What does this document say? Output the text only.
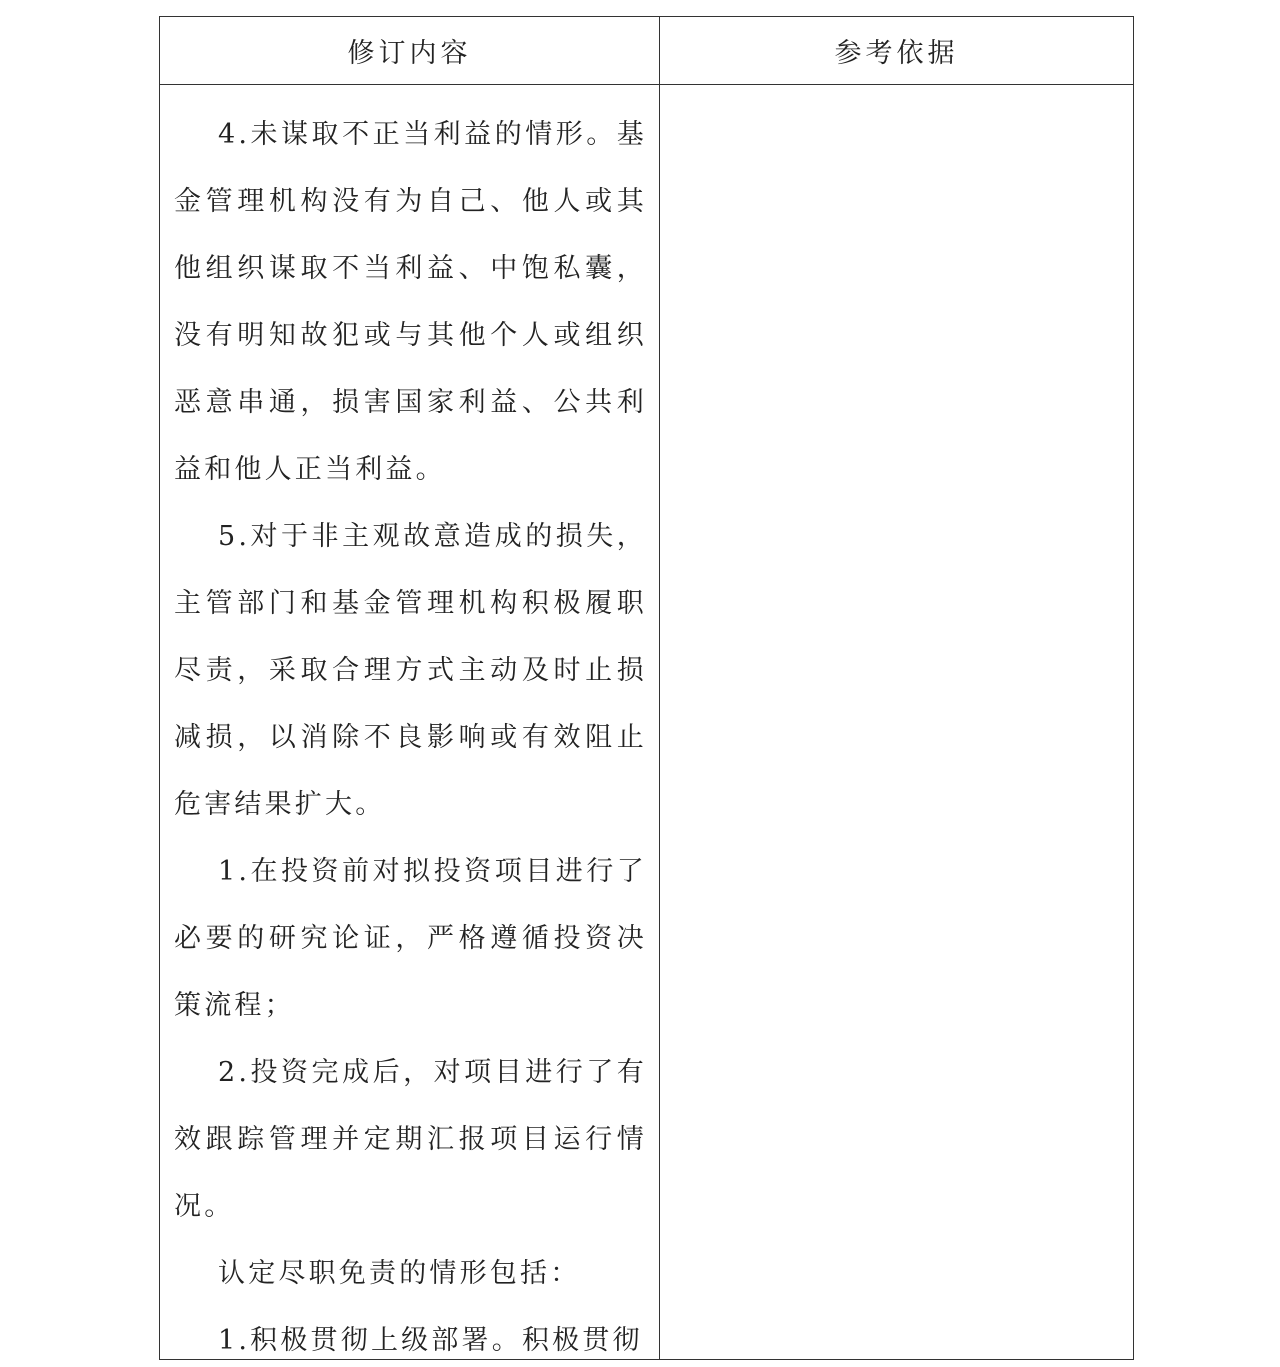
修订内容	参考依据

4.未谋取不正当利益的情形。基金管理机构没有为自己、他人或其他组织谋取不当利益、中饱私囊，没有明知故犯或与其他个人或组织恶意串通，损害国家利益、公共利益和他人正当利益。

5.对于非主观故意造成的损失，主管部门和基金管理机构积极履职尽责，采取合理方式主动及时止损减损，以消除不良影响或有效阻止危害结果扩大。

1.在投资前对拟投资项目进行了必要的研究论证，严格遵循投资决策流程；

2.投资完成后，对项目进行了有效跟踪管理并定期汇报项目运行情况。

认定尽职免责的情形包括：

1.积极贯彻上级部署。积极贯彻
